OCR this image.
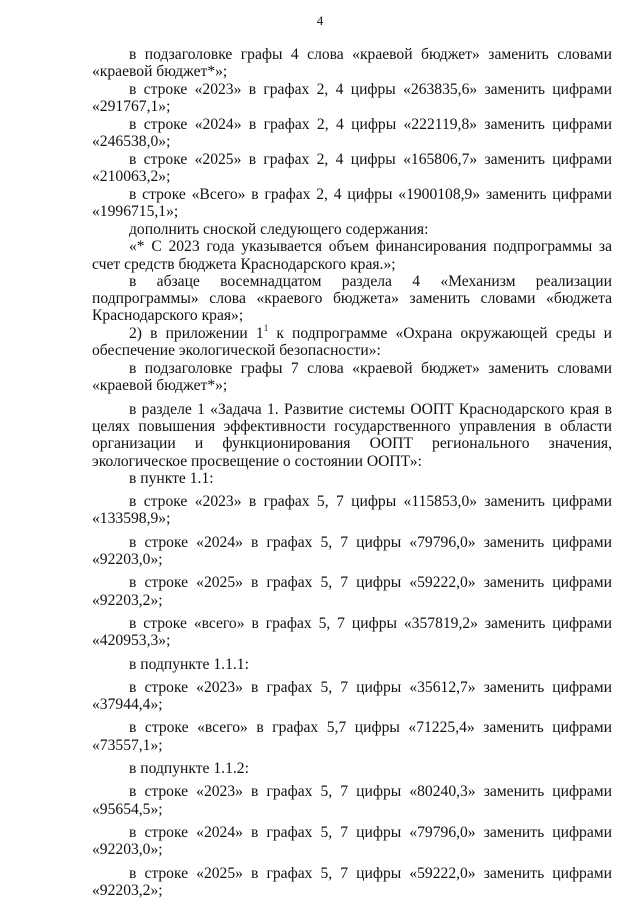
4

в подзаголовке графы 4 слова «краевой бюджет» заменить словами «краевой бюджет*»;

в строке «2023» в графах 2, 4 цифры «263835,6» заменить цифрами «291767,1»;

в строке «2024» в графах 2, 4 цифры «222119,8» заменить цифрами «246538,0»;

в строке «2025» в графах 2, 4 цифры «165806,7» заменить цифрами «210063,2»;

в строке «Всего» в графах 2, 4 цифры «1900108,9» заменить цифрами «1996715,1»;

дополнить сноской следующего содержания:

«* С 2023 года указывается объем финансирования подпрограммы за счет средств бюджета Краснодарского края.»;

в абзаце восемнадцатом раздела 4 «Механизм реализации подпрограммы» слова «краевого бюджета» заменить словами «бюджета Краснодарского края»;

2) в приложении $1^1$ к подпрограмме «Охрана окружающей среды и обеспечение экологической безопасности»:

в подзаголовке графы 7 слова «краевой бюджет» заменить словами «краевой бюджет*»;

в разделе 1 «Задача 1. Развитие системы ООПТ Краснодарского края в целях повышения эффективности государственного управления в области организации и функционирования ООПТ регионального значения, экологическое просвещение о состоянии ООПТ»:

в пункте 1.1:

в строке «2023» в графах 5, 7 цифры «115853,0» заменить цифрами «133598,9»;

в строке «2024» в графах 5, 7 цифры «79796,0» заменить цифрами «92203,0»;

в строке «2025» в графах 5, 7 цифры «59222,0» заменить цифрами «92203,2»;

в строке «всего» в графах 5, 7 цифры «357819,2» заменить цифрами «420953,3»;

в подпункте 1.1.1:

в строке «2023» в графах 5, 7 цифры «35612,7» заменить цифрами «37944,4»;

в строке «всего» в графах 5,7 цифры «71225,4» заменить цифрами «73557,1»;

в подпункте 1.1.2:

в строке «2023» в графах 5, 7 цифры «80240,3» заменить цифрами «95654,5»;

в строке «2024» в графах 5, 7 цифры «79796,0» заменить цифрами «92203,0»;

в строке «2025» в графах 5, 7 цифры «59222,0» заменить цифрами «92203,2»;
